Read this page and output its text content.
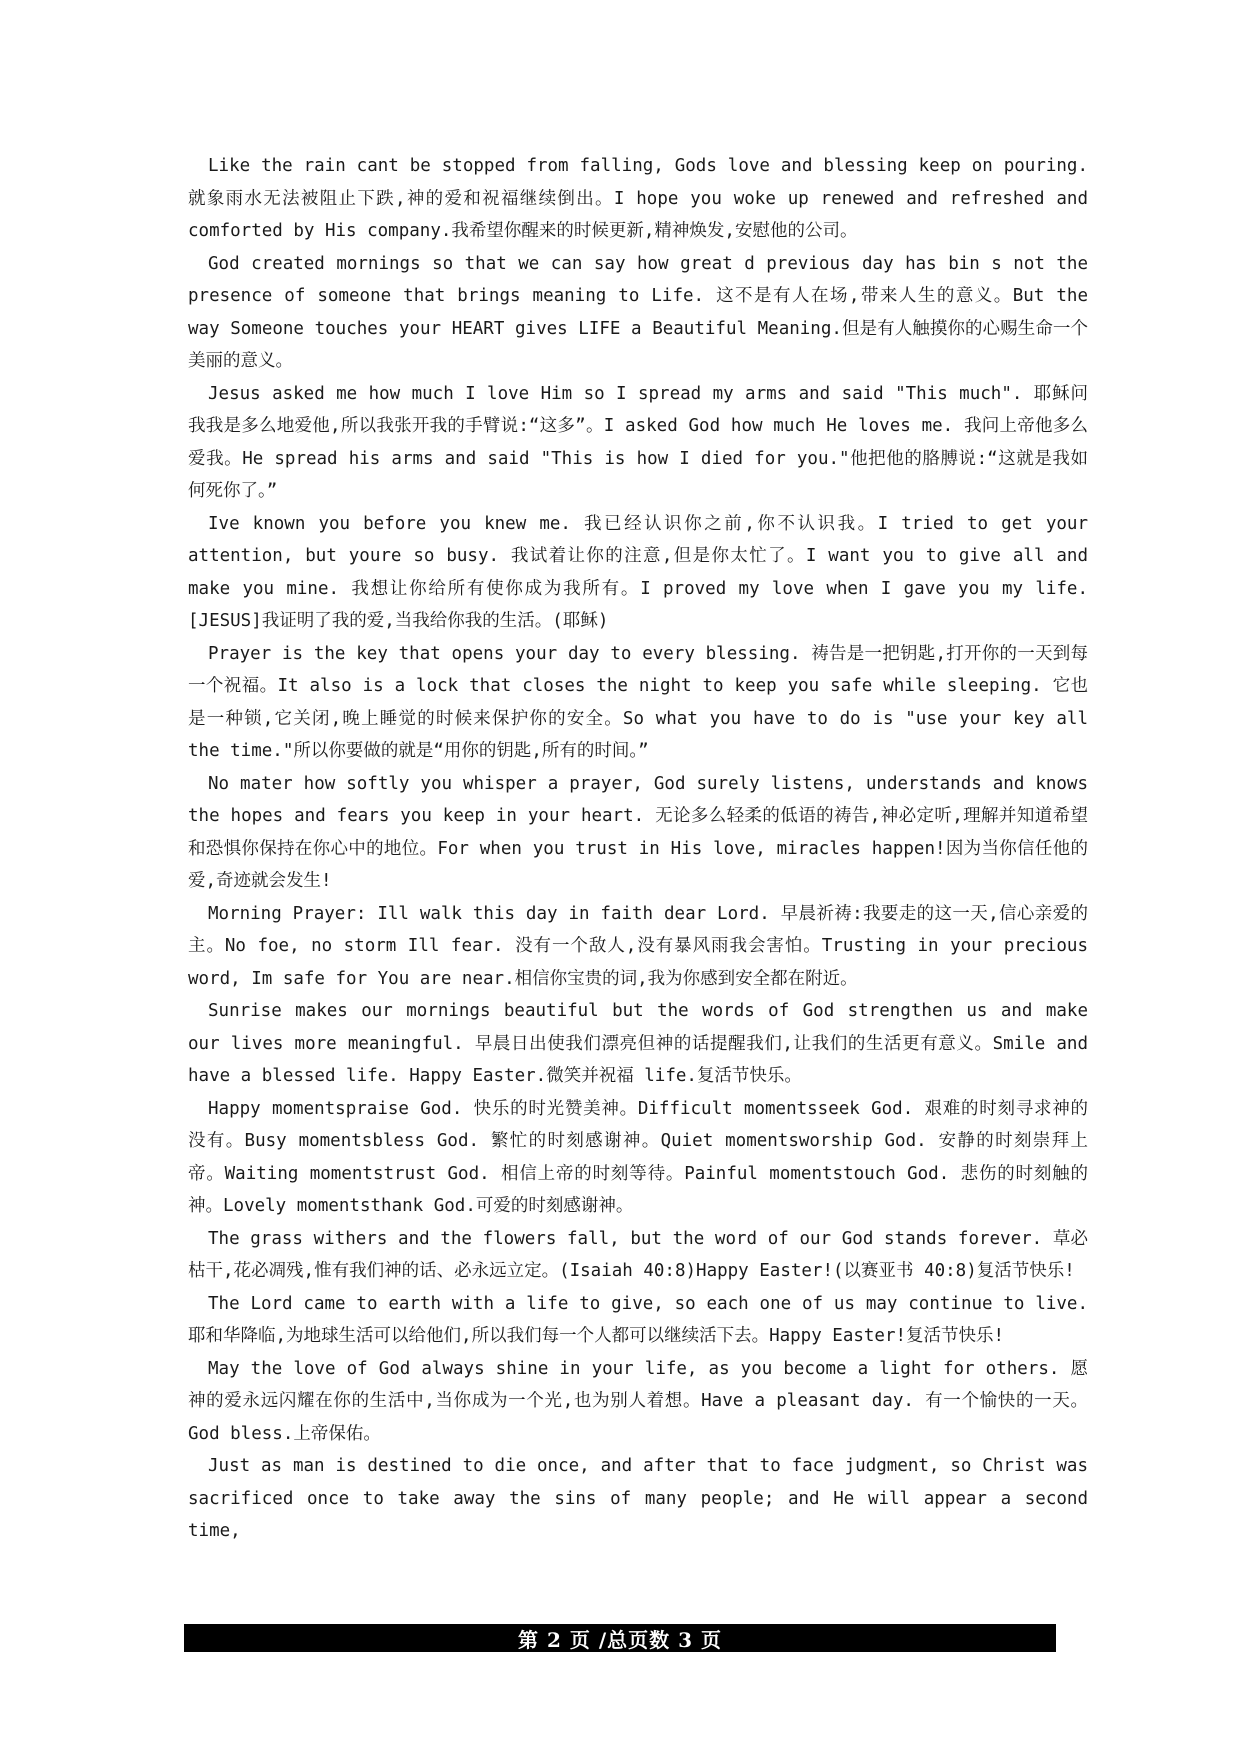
Like the rain cant be stopped from falling, Gods love and blessing keep on pouring. 就象雨水无法被阻止下跌,神的爱和祝福继续倒出。I hope you woke up renewed and refreshed and comforted by His company.我希望你醒来的时候更新,精神焕发,安慰他的公司。

God created mornings so that we can say how great d previous day has bin s not the presence of someone that brings meaning to Life. 这不是有人在场,带来人生的意义。But the way Someone touches your HEART gives LIFE a Beautiful Meaning.但是有人触摸你的心赐生命一个美丽的意义。

Jesus asked me how much I love Him so I spread my arms and said "This much". 耶稣问我我是多么地爱他,所以我张开我的手臂说:“这多”。I asked God how much He loves me. 我问上帝他多么爱我。He spread his arms and said "This is how I died for you."他把他的胳膊说:“这就是我如何死你了。”

Ive known you before you knew me. 我已经认识你之前,你不认识我。I tried to get your attention, but youre so busy. 我试着让你的注意,但是你太忙了。I want you to give all and make you mine. 我想让你给所有使你成为我所有。I proved my love when I gave you my life. [JESUS]我证明了我的爱,当我给你我的生活。(耶稣)

Prayer is the key that opens your day to every blessing. 祷告是一把钥匙,打开你的一天到每一个祝福。It also is a lock that closes the night to keep you safe while sleeping. 它也是一种锁,它关闭,晚上睡觉的时候来保护你的安全。So what you have to do is "use your key all the time."所以你要做的就是“用你的钥匙,所有的时间。”

No mater how softly you whisper a prayer, God surely listens, understands and knows the hopes and fears you keep in your heart. 无论多么轻柔的低语的祷告,神必定听,理解并知道希望和恐惧你保持在你心中的地位。For when you trust in His love, miracles happen!因为当你信任他的爱,奇迹就会发生!

Morning Prayer: Ill walk this day in faith dear Lord. 早晨祈祷:我要走的这一天,信心亲爱的主。No foe, no storm Ill fear. 没有一个敌人,没有暴风雨我会害怕。Trusting in your precious word, Im safe for You are near.相信你宝贵的词,我为你感到安全都在附近。

Sunrise makes our mornings beautiful but the words of God strengthen us and make our lives more meaningful. 早晨日出使我们漂亮但神的话提醒我们,让我们的生活更有意义。Smile and have a blessed life. Happy Easter.微笑并祝福 life.复活节快乐。

Happy momentspraise God. 快乐的时光赞美神。Difficult momentsseek God. 艰难的时刻寻求神的没有。Busy momentsbless God. 繁忙的时刻感谢神。Quiet momentsworship God. 安静的时刻崇拜上帝。Waiting momentstrust God. 相信上帝的时刻等待。Painful momentstouch God. 悲伤的时刻触的神。Lovely momentsthank God.可爱的时刻感谢神。

The grass withers and the flowers fall, but the word of our God stands forever. 草必枯干,花必凋残,惟有我们神的话、必永远立定。(Isaiah 40:8)Happy Easter!(以赛亚书 40:8)复活节快乐!

The Lord came to earth with a life to give, so each one of us may continue to live. 耶和华降临,为地球生活可以给他们,所以我们每一个人都可以继续活下去。Happy Easter!复活节快乐!

May the love of God always shine in your life, as you become a light for others. 愿神的爱永远闪耀在你的生活中,当你成为一个光,也为别人着想。Have a pleasant day. 有一个愉快的一天。God bless.上帝保佑。

Just as man is destined to die once, and after that to face judgment, so Christ was sacrificed once to take away the sins of many people; and He will appear a second time,

第 2 页 /总页数 3 页
